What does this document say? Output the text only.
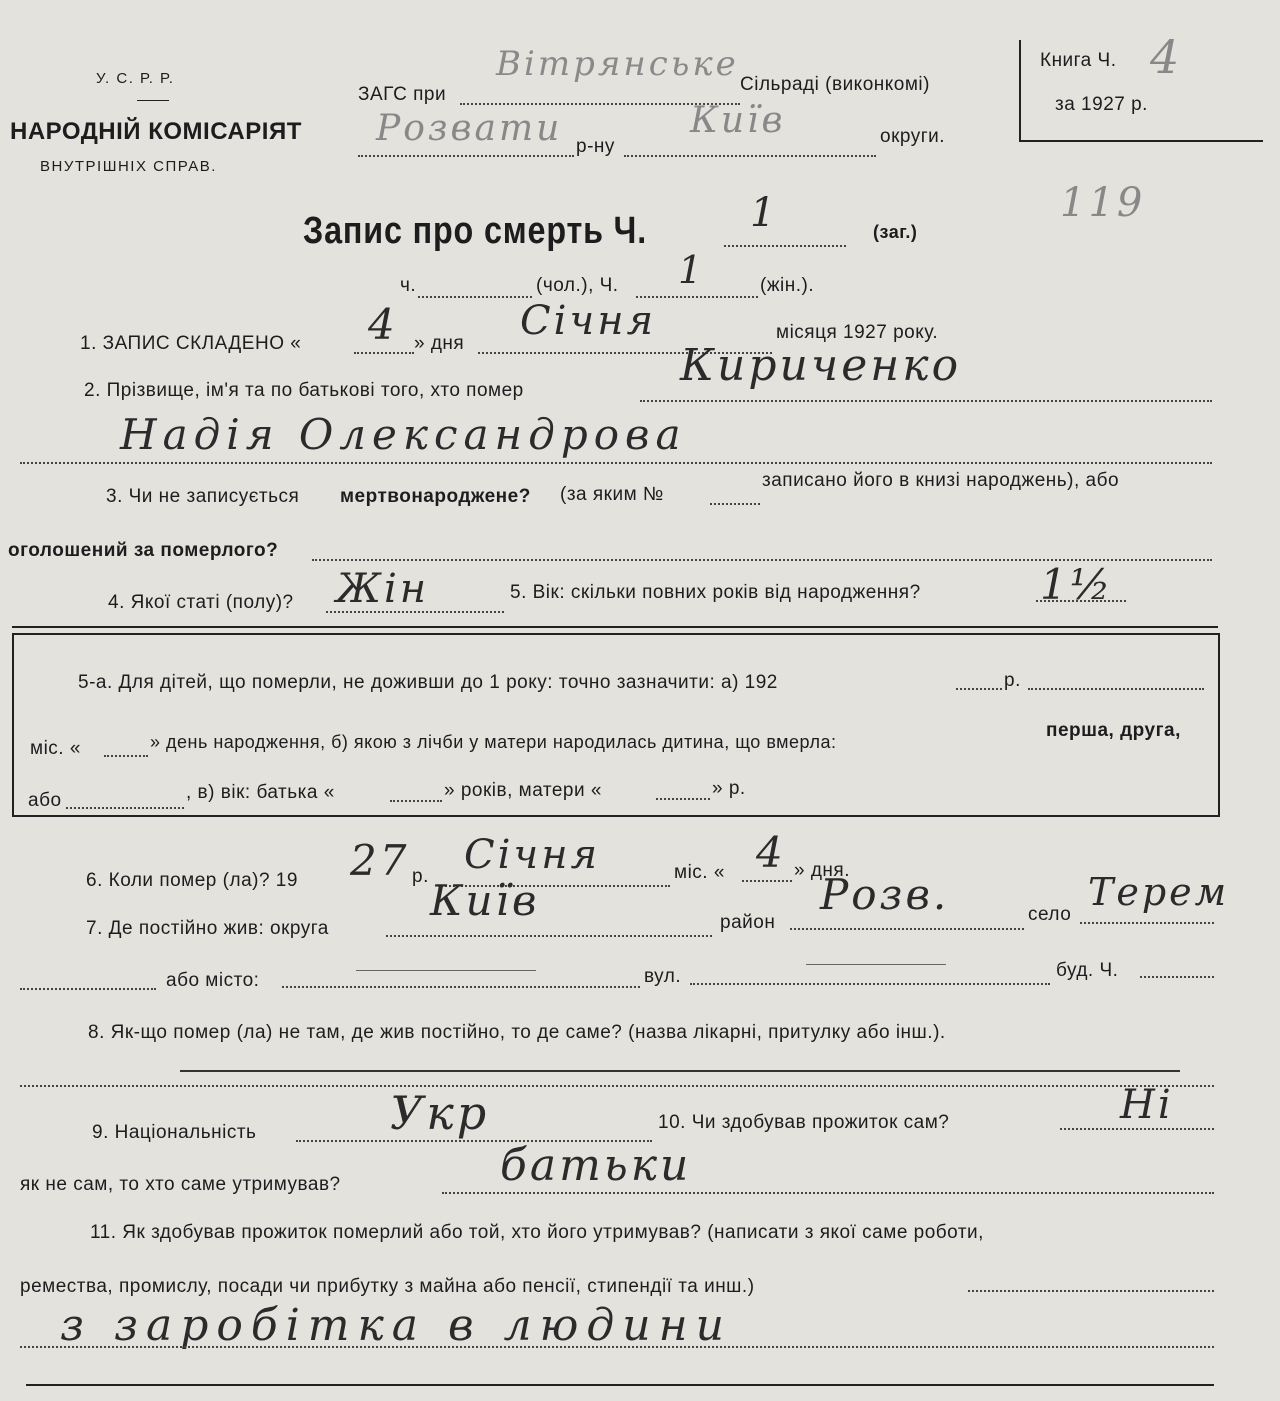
У. С. Р. Р.
НАРОДНІЙ КОМІСАРІЯТ
ВНУТРІШНІХ СПРАВ.
ЗАГС при
Вітрянське
Сільраді (виконкомі)
Розвати р-ну
Київ	округи.
Книга Ч. 4
за 1927 р.
Запис про смерть Ч.	1	(заг.)
119
ч.	(чол.), Ч. 1	(жін.).
1. ЗАПИС СКЛАДЕНО « 4 » дня Січня	місяця 1927 року.
2. Прізвище, ім'я та по батькові того, хто помер	Кириченко
Надія Олександрова
3. Чи не записується мертвонароджене? (за яким №
записано його в книзі народжень), або
оголошений за померлого?
4. Якої статі (полу)? Жін	5. Вік: скільки повних років від народження?	1½
5-а. Для дітей, що померли, не доживши до 1 року: точно зазначити: а) 192	р.
міс. «	» день народження, б) якою з лічби у матери народилась дитина, що вмерла:
перша, друга,
або	, в) вік: батька «	» років, матери «	» р.
6. Коли помер (ла)? 19 27 р. Січня	міс. « 4 » дня.
7. Де постійно жив: округа
Київ	район
Розв.	село
Терем
або місто:	вул.	буд. Ч.
8. Як-що помер (ла) не там, де жив постійно, то де саме? (назва лікарні, притулку або інш.).
9. Національність	Укр	10. Чи здобував прожиток сам?	Ні
як не сам, то хто саме утримував?	батьки
11. Як здобував прожиток померлий або той, хто його утримував? (написати з якої саме роботи,
ремества, промислу, посади чи прибутку з майна або пенсії, стипендії та инш.)
з заробітка в людини
